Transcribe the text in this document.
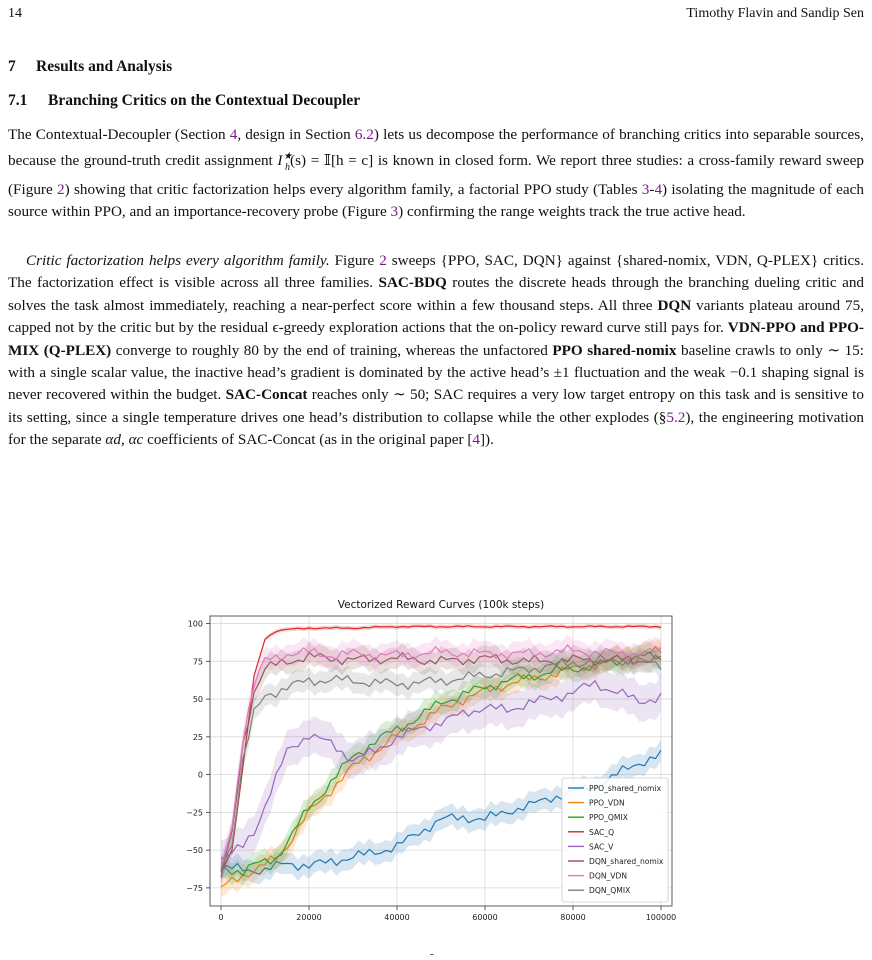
14	Timothy Flavin and Sandip Sen
7 Results and Analysis
7.1 Branching Critics on the Contextual Decoupler

The Contextual-Decoupler (Section 4, design in Section 6.2) lets us decompose the performance of branching critics into separable sources, because the ground-truth credit assignment $I^★_h(s)$ = 𝕀[h = c] is known in closed form. We report three studies: a cross-family reward sweep (Figure 2) showing that critic factorization helps every algorithm family, a factorial PPO study (Tables 3-4) isolating the magnitude of each source within PPO, and an importance-recovery probe (Figure 3) confirming the range weights track the true active head.

Critic factorization helps every algorithm family. Figure 2 sweeps {PPO, SAC, DQN} against {shared-nomix, VDN, Q-PLEX} critics. The factorization effect is visible across all three families. SAC-BDQ routes the discrete heads through the branching dueling critic and solves the task almost immediately, reaching a near-perfect score within a few thousand steps. All three DQN variants plateau around 75, capped not by the critic but by the residual ϵ-greedy exploration actions that the on-policy reward curve still pays for. VDN-PPO and PPO-MIX (Q-PLEX) converge to roughly 80 by the end of training, whereas the unfactored PPO shared-nomix baseline crawls to only ∼ 15: with a single scalar value, the inactive head’s gradient is dominated by the active head’s ±1 fluctuation and the weak −0.1 shaping signal is never recovered within the budget. SAC-Concat reaches only ∼ 50; SAC requires a very low target entropy on this task and is sensitive to its setting, since a single temperature drives one head’s distribution to collapse while the other explodes (§5.2), the engineering motivation for the separate αd, αc coefficients of SAC-Concat (as in the original paper [4]).

Vectorized Reward Curves (100k steps)
0	20000	40000	60000	80000	100000
−75
−50
−25
0
25
50
75
100
PPO_shared_nomix
PPO_VDN
PPO_QMIX
SAC_Q
SAC_V
DQN_shared_nomix
DQN_VDN
DQN_QMIX
-
